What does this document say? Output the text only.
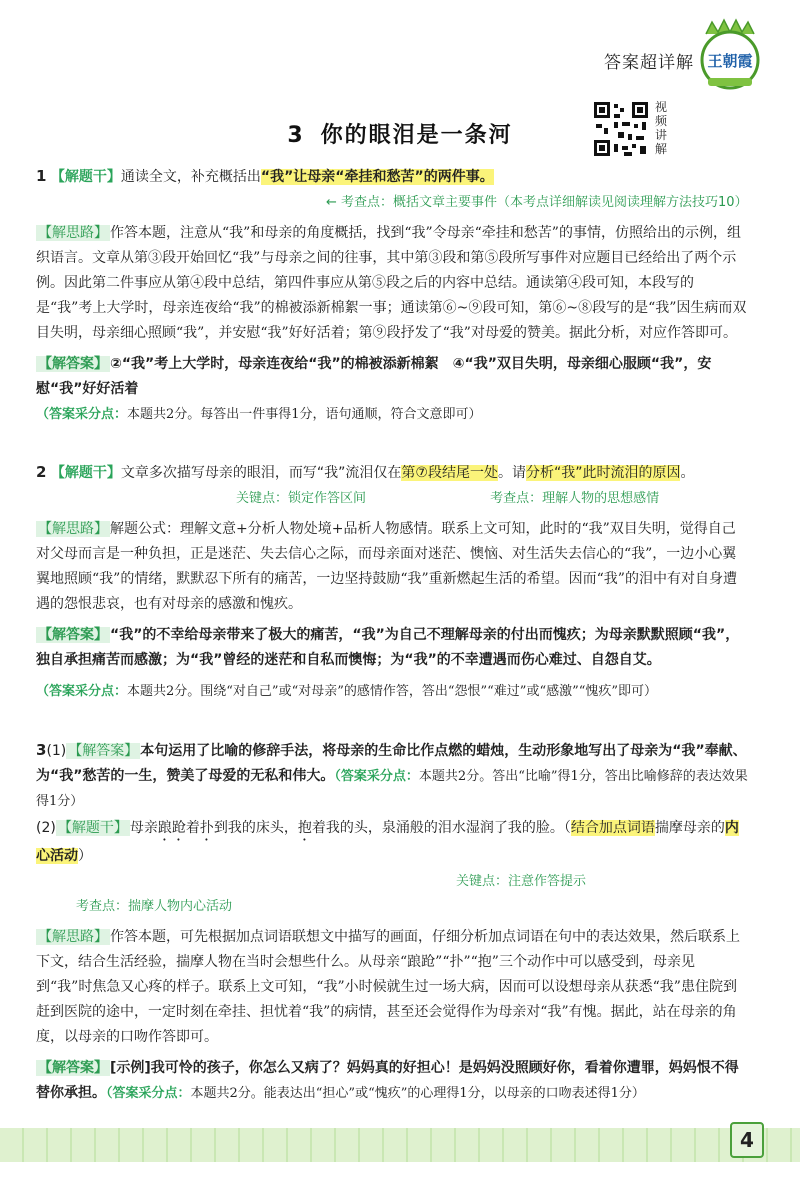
答案超详解 王朝霞
3 你的眼泪是一条河
视频讲解
1 【解题干】通读全文，补充概括出“我”让母亲“牵挂和愁苦”的两件事。
← 考查点：概括文章主要事件（本考点详细解读见阅读理解方法技巧10）
【解思路】 作答本题，注意从“我”和母亲的角度概括，找到“我”令母亲“牵挂和愁苦”的事情，仿照给出的示例，组织语言。文章从第③段开始回忆“我”与母亲之间的往事，其中第③段和第⑤段所写事件对应题目已经给出了两个示例。因此第二件事应从第④段中总结，第四件事应从第⑤段之后的内容中总结。通读第④段可知，本段写的是“我”考上大学时，母亲连夜给“我”的棉被添新棉絮一事；通读第⑥~⑨段可知，第⑥~⑧段写的是“我”因生病而双目失明，母亲细心照顾“我”，并安慰“我”好好活着；第⑨段抒发了“我”对母爱的赞美。据此分析，对应作答即可。
【解答案】 ②“我”考上大学时，母亲连夜给“我”的棉被添新棉絮　④“我”双目失明，母亲细心服顾“我”，安慰“我”好好活着
（答案采分点：本题共2分。每答出一件事得1分，语句通顺，符合文意即可）
2 【解题干】文章多次描写母亲的眼泪，而写“我”流泪仅在第⑦段结尾一处。请分析“我”此时流泪的原因。
关键点：锁定作答区间	考查点：理解人物的思想感情
【解思路】 解题公式：理解文意+分析人物处境+品析人物感情。联系上文可知，此时的“我”双目失明，觉得自己对父母而言是一种负担，正是迷茫、失去信心之际，而母亲面对迷茫、懊恼、对生活失去信心的“我”，一边小心翼翼地照顾“我”的情绪，默默忍下所有的痛苦，一边坚持鼓励“我”重新燃起生活的希望。因而“我”的泪中有对自身遭遇的怨恨悲哀，也有对母亲的感激和愧疚。
【解答案】 “我”的不幸给母亲带来了极大的痛苦，“我”为自己不理解母亲的付出而愧疚；为母亲默默照顾“我”，独自承担痛苦而感激；为“我”曾经的迷茫和自私而懊悔；为“我”的不幸遭遇而伤心难过、自怨自艾。
（答案采分点：本题共2分。围绕“对自己”或“对母亲”的感情作答，答出“怨恨”“难过”或“感激”“愧疚”即可）
3(1) 【解答案】 本句运用了比喻的修辞手法，将母亲的生命比作点燃的蜡烛，生动形象地写出了母亲为“我”奉献、为“我”愁苦的一生，赞美了母爱的无私和伟大。（答案采分点：本题共2分。答出“比喻”得1分，答出比喻修辞的表达效果得1分）
(2) 【解题干】 母亲踉跄着扑到我的床头，抱着我的头，泉涌般的泪水湿润了我的脸。（结合加点词语揣摩母亲的内心活动）
关键点：注意作答提示
考查点：揣摩人物内心活动
【解思路】 作答本题，可先根据加点词语联想文中描写的画面，仔细分析加点词语在句中的表达效果，然后联系上下文，结合生活经验，揣摩人物在当时会想些什么。从母亲“踉跄”“扑”“抱”三个动作中可以感受到，母亲见到“我”时焦急又心疼的样子。联系上文可知，“我”小时候就生过一场大病，因而可以设想母亲从获悉“我”患住院到赶到医院的途中，一定时刻在牵挂、担忧着“我”的病情，甚至还会觉得作为母亲对“我”有愧。据此，站在母亲的角度，以母亲的口吻作答即可。
【解答案】 [示例]我可怜的孩子，你怎么又病了？妈妈真的好担心！是妈妈没照顾好你，看着你遭罪，妈妈恨不得替你承担。（答案采分点：本题共2分。能表达出“担心”或“愧疚”的心理得1分，以母亲的口吻表述得1分）
4
